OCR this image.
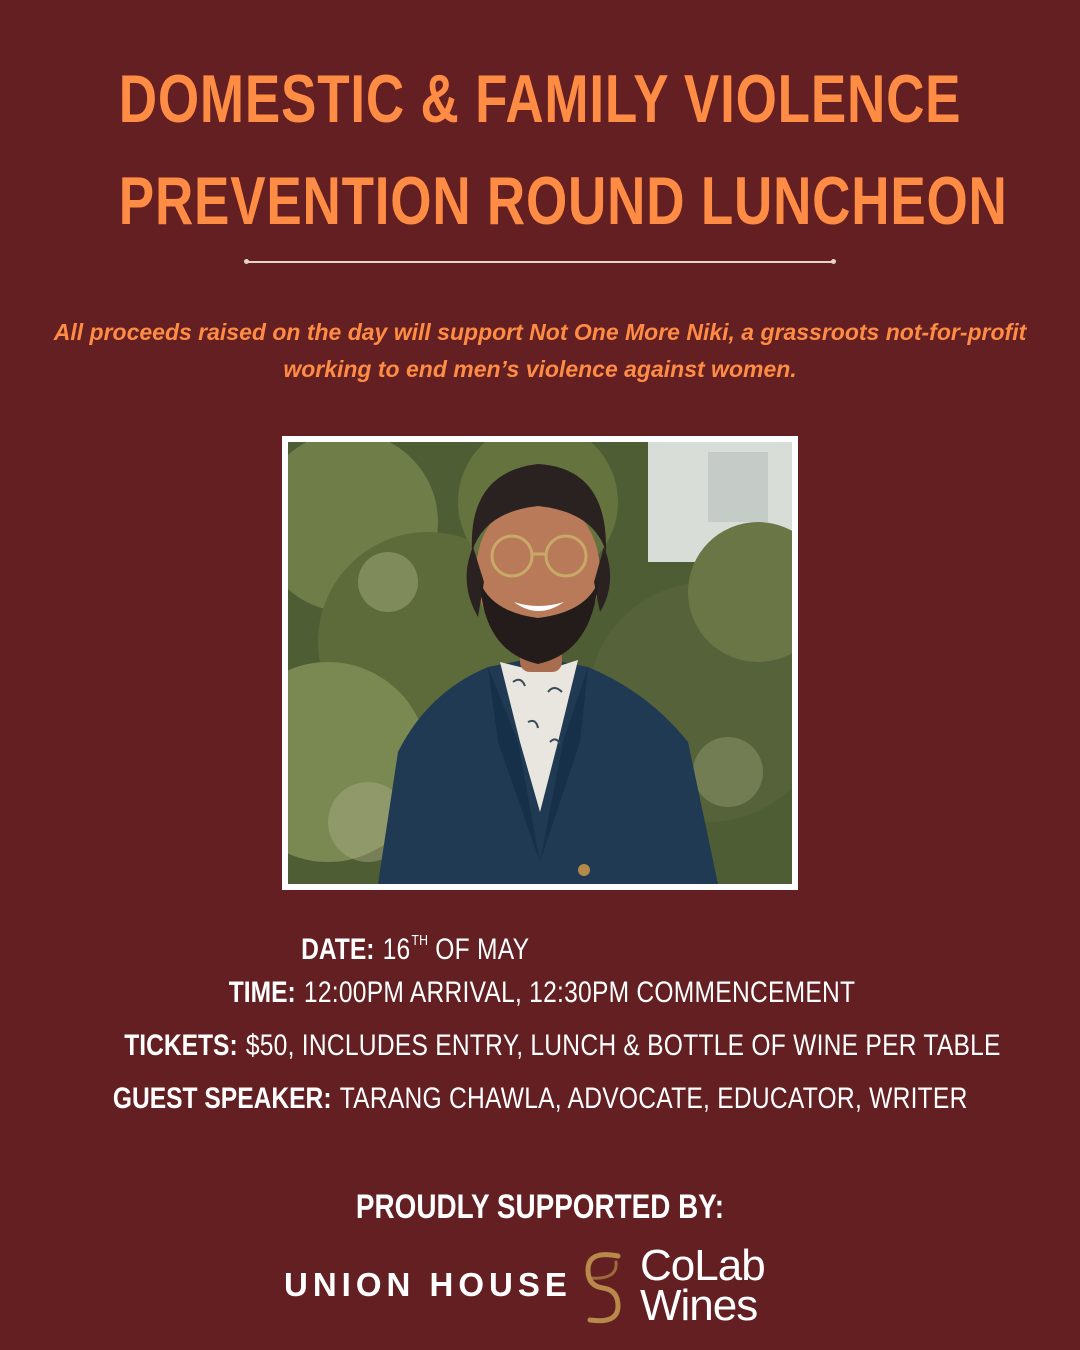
DOMESTIC & FAMILY VIOLENCE
PREVENTION ROUND LUNCHEON

All proceeds raised on the day will support Not One More Niki, a grassroots not-for-profit
working to end men’s violence against women.

DATE: 16TH OF MAY
TIME: 12:00PM ARRIVAL, 12:30PM COMMENCEMENT
TICKETS: $50, INCLUDES ENTRY, LUNCH & BOTTLE OF WINE PER TABLE
GUEST SPEAKER: TARANG CHAWLA, ADVOCATE, EDUCATOR, WRITER
PROUDLY SUPPORTED BY:
UNION HOUSE CoLab
Wines
